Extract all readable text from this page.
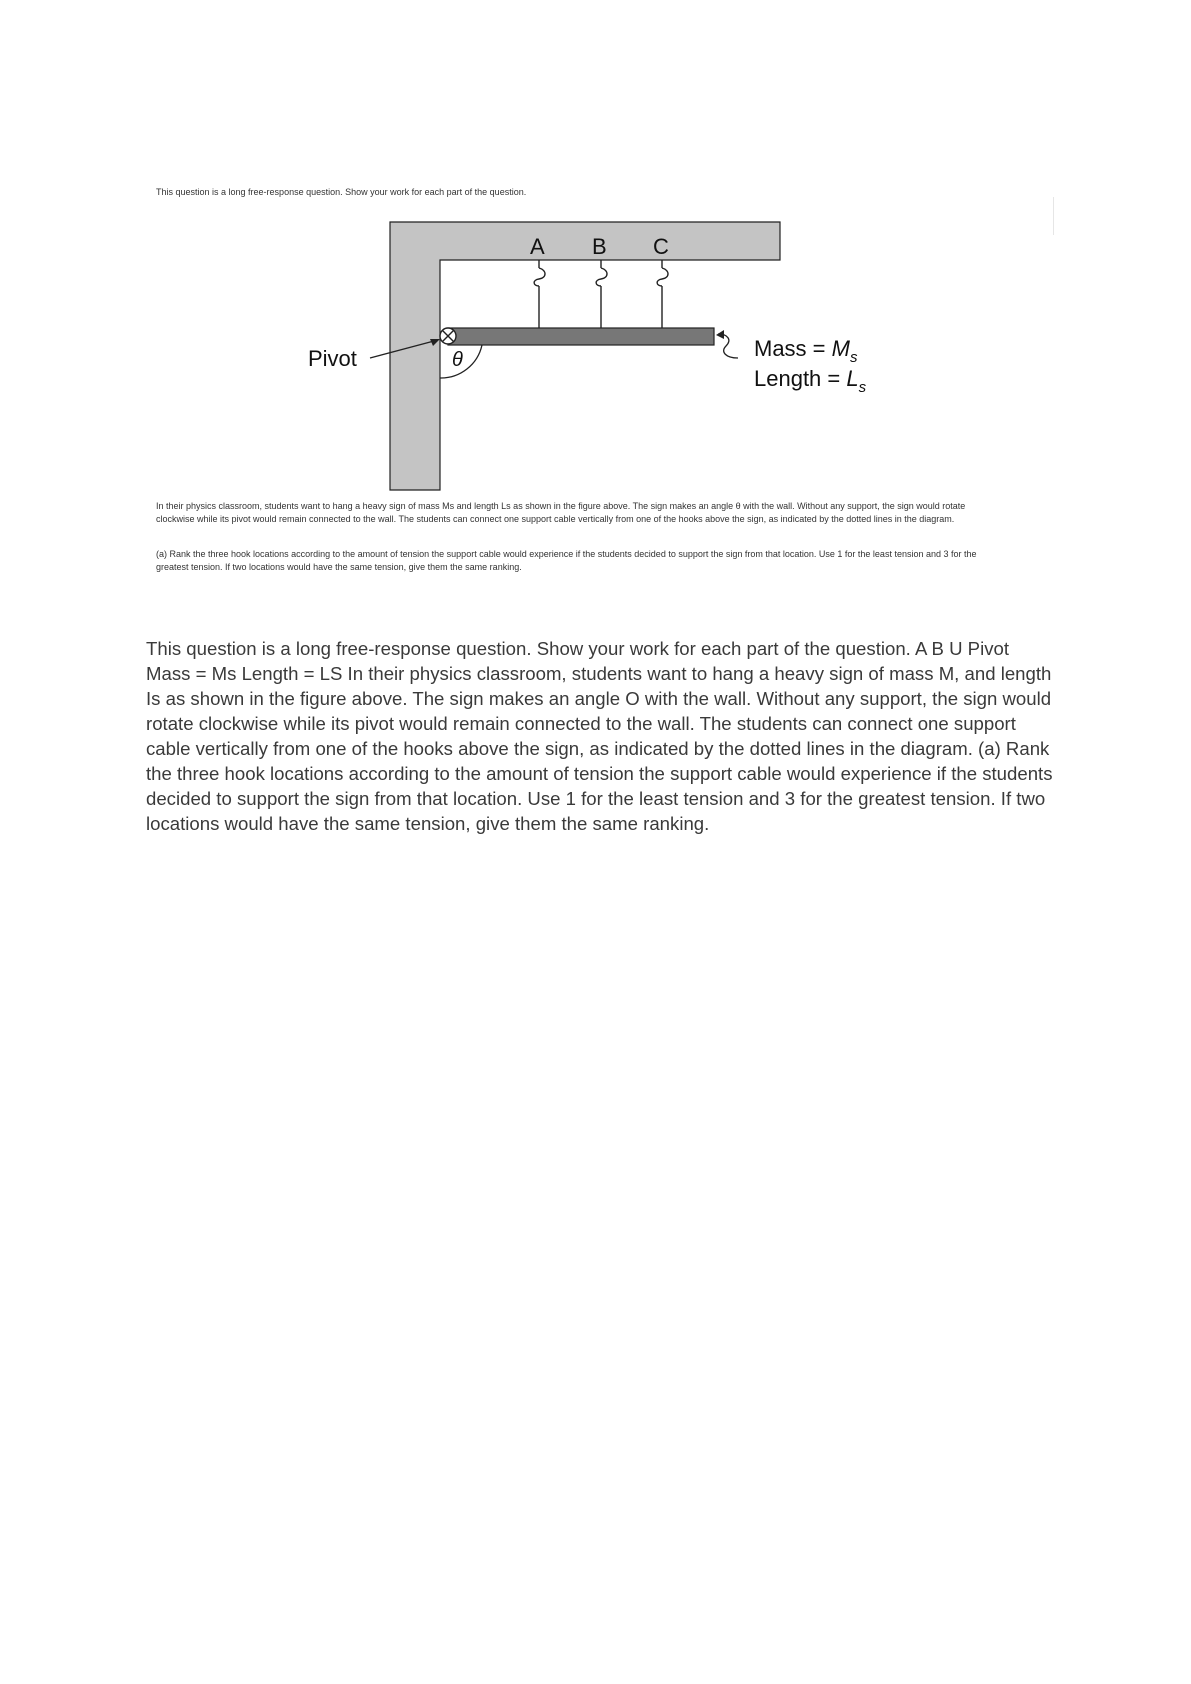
This question is a long free-response question. Show your work for each part of the question.
A B C
Pivot	θ	Mass = $M_s$
Length = $L_s$
In their physics classroom, students want to hang a heavy sign of mass Ms and length Ls as shown in the figure above. The sign makes an angle θ with the wall. Without any support, the sign would rotate
clockwise while its pivot would remain connected to the wall. The students can connect one support cable vertically from one of the hooks above the sign, as indicated by the dotted lines in the diagram.
(a) Rank the three hook locations according to the amount of tension the support cable would experience if the students decided to support the sign from that location. Use 1 for the least tension and 3 for the
greatest tension. If two locations would have the same tension, give them the same ranking.
This question is a long free-response question. Show your work for each part of the question. A B U Pivot Mass = Ms Length = LS In their physics classroom, students want to hang a heavy sign of mass M, and length Is as shown in the figure above. The sign makes an angle O with the wall. Without any support, the sign would rotate clockwise while its pivot would remain connected to the wall. The students can connect one support cable vertically from one of the hooks above the sign, as indicated by the dotted lines in the diagram. (a) Rank the three hook locations according to the amount of tension the support cable would experience if the students decided to support the sign from that location. Use 1 for the least tension and 3 for the greatest tension. If two locations would have the same tension, give them the same ranking.
